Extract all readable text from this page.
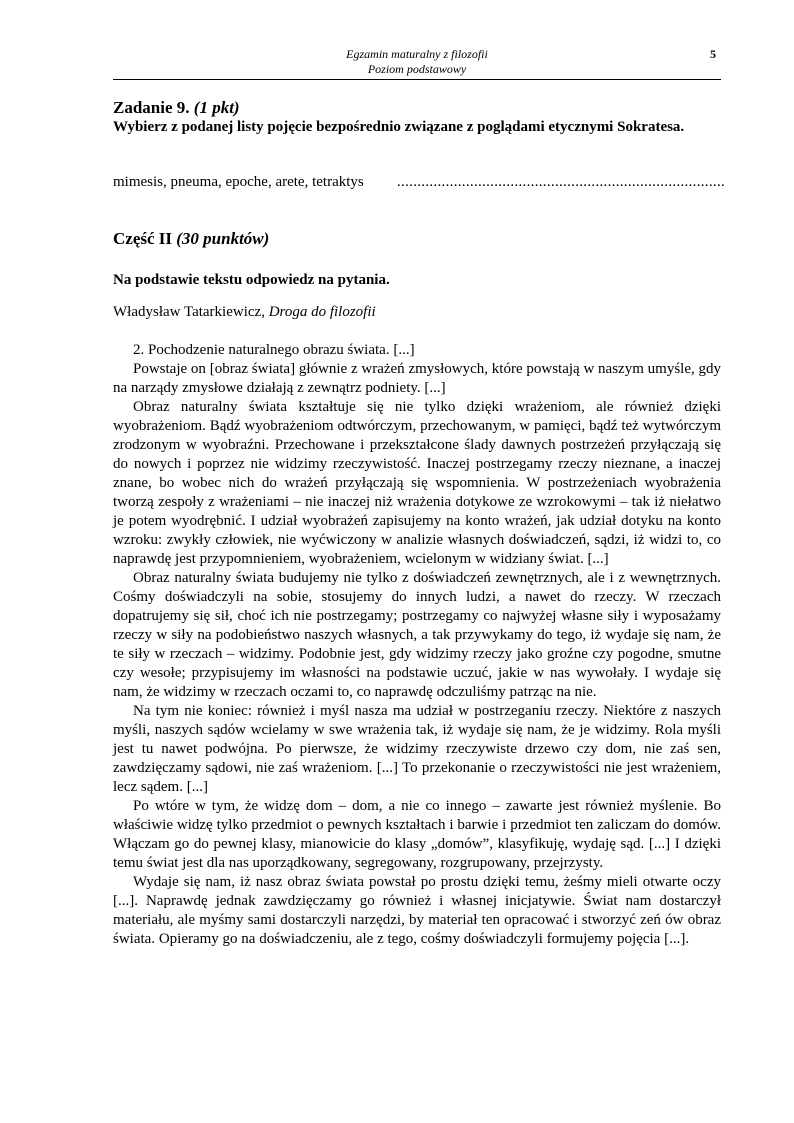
Egzamin maturalny z filozofii
Poziom podstawowy
5
Zadanie 9. (1 pkt)
Wybierz z podanej listy pojęcie bezpośrednio związane z poglądami etycznymi Sokratesa.
mimesis, pneuma, epoche, arete, tetraktys .................................................................................
Część II (30 punktów)
Na podstawie tekstu odpowiedz na pytania.
Władysław Tatarkiewicz, Droga do filozofii

2. Pochodzenie naturalnego obrazu świata. [...]

Powstaje on [obraz świata] głównie z wrażeń zmysłowych, które powstają w naszym umyśle, gdy na narządy zmysłowe działają z zewnątrz podniety. [...]

Obraz naturalny świata kształtuje się nie tylko dzięki wrażeniom, ale również dzięki wyobrażeniom. Bądź wyobrażeniom odtwórczym, przechowanym, w pamięci, bądź też wytwórczym zrodzonym w wyobraźni. Przechowane i przekształcone ślady dawnych postrzeżeń przyłączają się do nowych i poprzez nie widzimy rzeczywistość. Inaczej postrzegamy rzeczy nieznane, a inaczej znane, bo wobec nich do wrażeń przyłączają się wspomnienia. W postrzeżeniach wyobrażenia tworzą zespoły z wrażeniami – nie inaczej niż wrażenia dotykowe ze wzrokowymi – tak iż niełatwo je potem wyodrębnić. I udział wyobrażeń zapisujemy na konto wrażeń, jak udział dotyku na konto wzroku: zwykły człowiek, nie wyćwiczony w analizie własnych doświadczeń, sądzi, iż widzi to, co naprawdę jest przypomnieniem, wyobrażeniem, wcielonym w widziany świat. [...]

Obraz naturalny świata budujemy nie tylko z doświadczeń zewnętrznych, ale i z wewnętrznych. Cośmy doświadczyli na sobie, stosujemy do innych ludzi, a nawet do rzeczy. W rzeczach dopatrujemy się sił, choć ich nie postrzegamy; postrzegamy co najwyżej własne siły i wyposażamy rzeczy w siły na podobieństwo naszych własnych, a tak przywykamy do tego, iż wydaje się nam, że te siły w rzeczach – widzimy. Podobnie jest, gdy widzimy rzeczy jako groźne czy pogodne, smutne czy wesołe; przypisujemy im własności na podstawie uczuć, jakie w nas wywołały. I wydaje się nam, że widzimy w rzeczach oczami to, co naprawdę odczuliśmy patrząc na nie.

Na tym nie koniec: również i myśl nasza ma udział w postrzeganiu rzeczy. Niektóre z naszych myśli, naszych sądów wcielamy w swe wrażenia tak, iż wydaje się nam, że je widzimy. Rola myśli jest tu nawet podwójna. Po pierwsze, że widzimy rzeczywiste drzewo czy dom, nie zaś sen, zawdzięczamy sądowi, nie zaś wrażeniom. [...] To przekonanie o rzeczywistości nie jest wrażeniem, lecz sądem. [...]

Po wtóre w tym, że widzę dom – dom, a nie co innego – zawarte jest również myślenie. Bo właściwie widzę tylko przedmiot o pewnych kształtach i barwie i przedmiot ten zaliczam do domów. Włączam go do pewnej klasy, mianowicie do klasy „domów”, klasyfikuję, wydaję sąd. [...] I dzięki temu świat jest dla nas uporządkowany, segregowany, rozgrupowany, przejrzysty.

Wydaje się nam, iż nasz obraz świata powstał po prostu dzięki temu, żeśmy mieli otwarte oczy [...]. Naprawdę jednak zawdzięczamy go również i własnej inicjatywie. Świat nam dostarczył materiału, ale myśmy sami dostarczyli narzędzi, by materiał ten opracować i stworzyć zeń ów obraz świata. Opieramy go na doświadczeniu, ale z tego, cośmy doświadczyli formujemy pojęcia [...].
